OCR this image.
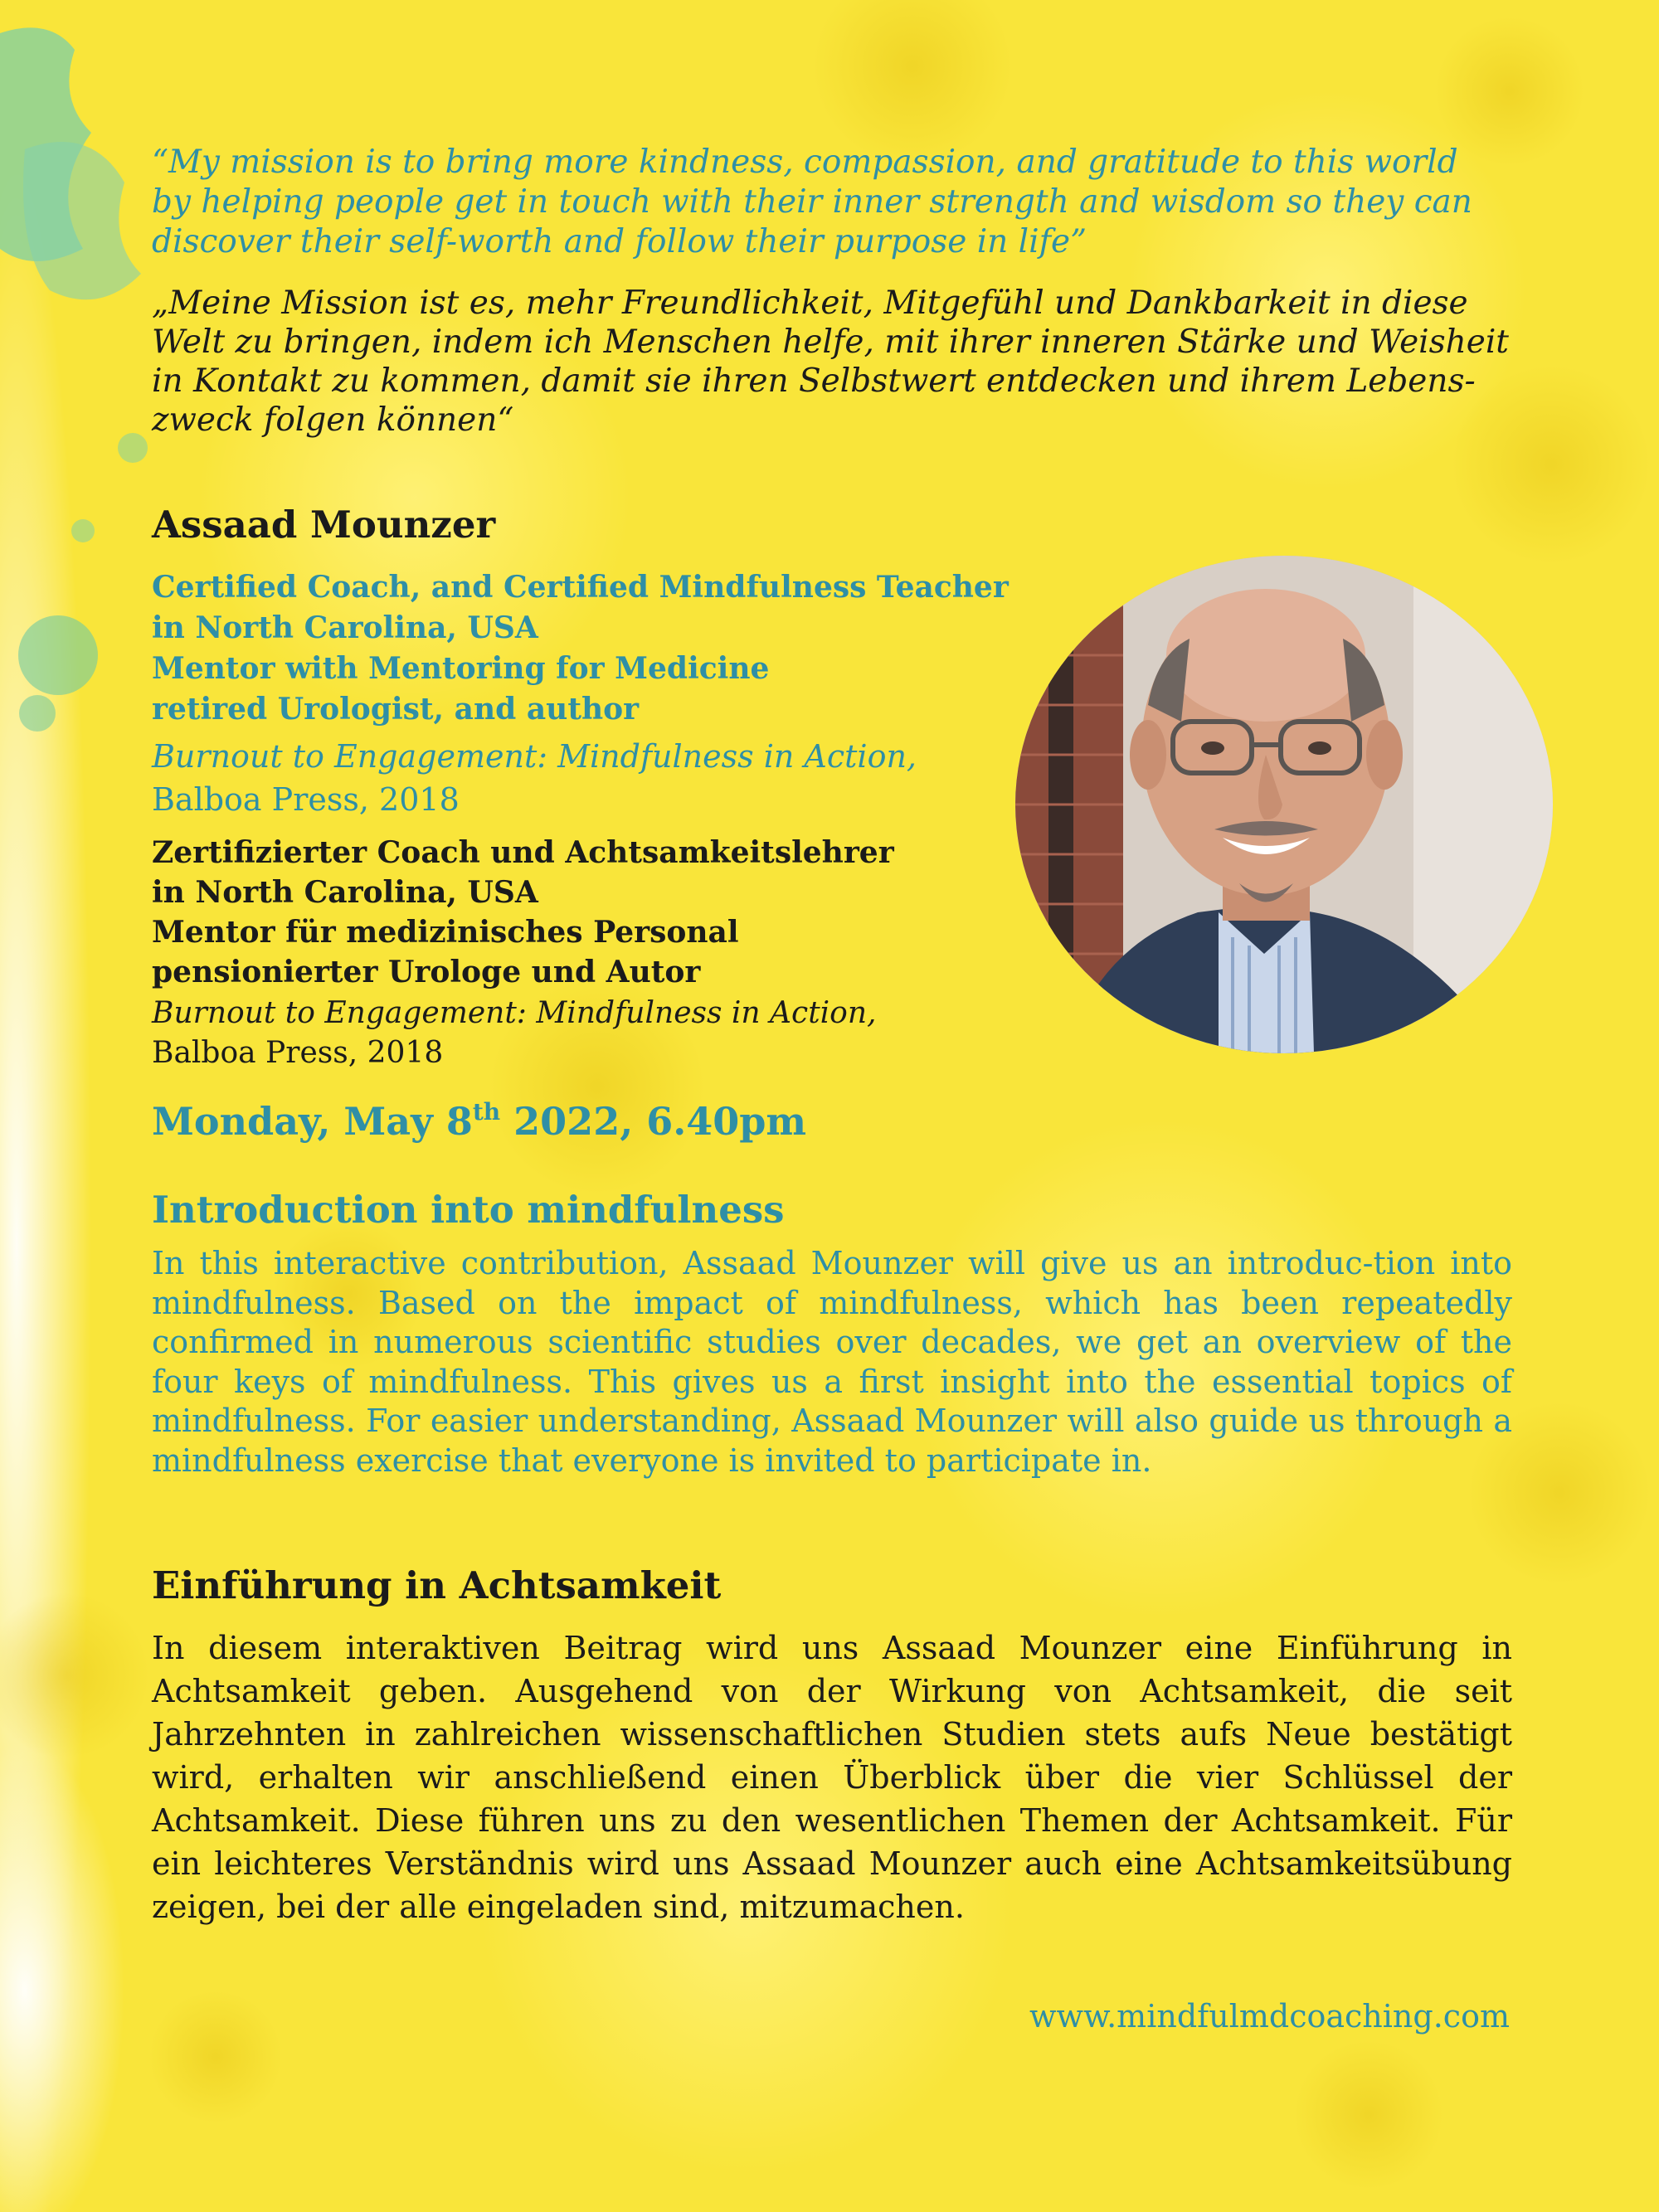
“My mission is to bring more kindness, compassion, and gratitude to this world
by helping people get in touch with their inner strength and wisdom so they can
discover their self-worth and follow their purpose in life”
„Meine Mission ist es, mehr Freundlichkeit, Mitgefühl und Dankbarkeit in diese
Welt zu bringen, indem ich Menschen helfe, mit ihrer inneren Stärke und Weisheit
in Kontakt zu kommen, damit sie ihren Selbstwert entdecken und ihrem Lebens-
zweck folgen können“
Assaad Mounzer
Certified Coach, and Certified Mindfulness Teacher
in North Carolina, USA
Mentor with Mentoring for Medicine
retired Urologist, and author
Burnout to Engagement: Mindfulness in Action,
Balboa Press, 2018
Zertifizierter Coach und Achtsamkeitslehrer
in North Carolina, USA
Mentor für medizinisches Personal
pensionierter Urologe und Autor
Burnout to Engagement: Mindfulness in Action,
Balboa Press, 2018
Monday, May 8th 2022, 6.40pm
Introduction into mindfulness
In this interactive contribution, Assaad Mounzer will give us an introduc-tion into mindfulness. Based on the impact of mindfulness, which has been repeatedly confirmed in numerous scientific studies over decades, we get an overview of the four keys of mindfulness. This gives us a first insight into the essential topics of mindfulness. For easier understanding, Assaad Mounzer will also guide us through a mindfulness exercise that everyone is invited to participate in.
Einführung in Achtsamkeit
In diesem interaktiven Beitrag wird uns Assaad Mounzer eine Einführung in Achtsamkeit geben. Ausgehend von der Wirkung von Achtsamkeit, die seit Jahrzehnten in zahlreichen wissenschaftlichen Studien stets aufs Neue bestätigt wird, erhalten wir anschließend einen Überblick über die vier Schlüssel der Achtsamkeit. Diese führen uns zu den wesentlichen Themen der Achtsamkeit. Für ein leichteres Verständnis wird uns Assaad Mounzer auch eine Achtsamkeitsübung zeigen, bei der alle eingeladen sind, mitzumachen.
www.mindfulmdcoaching.com
